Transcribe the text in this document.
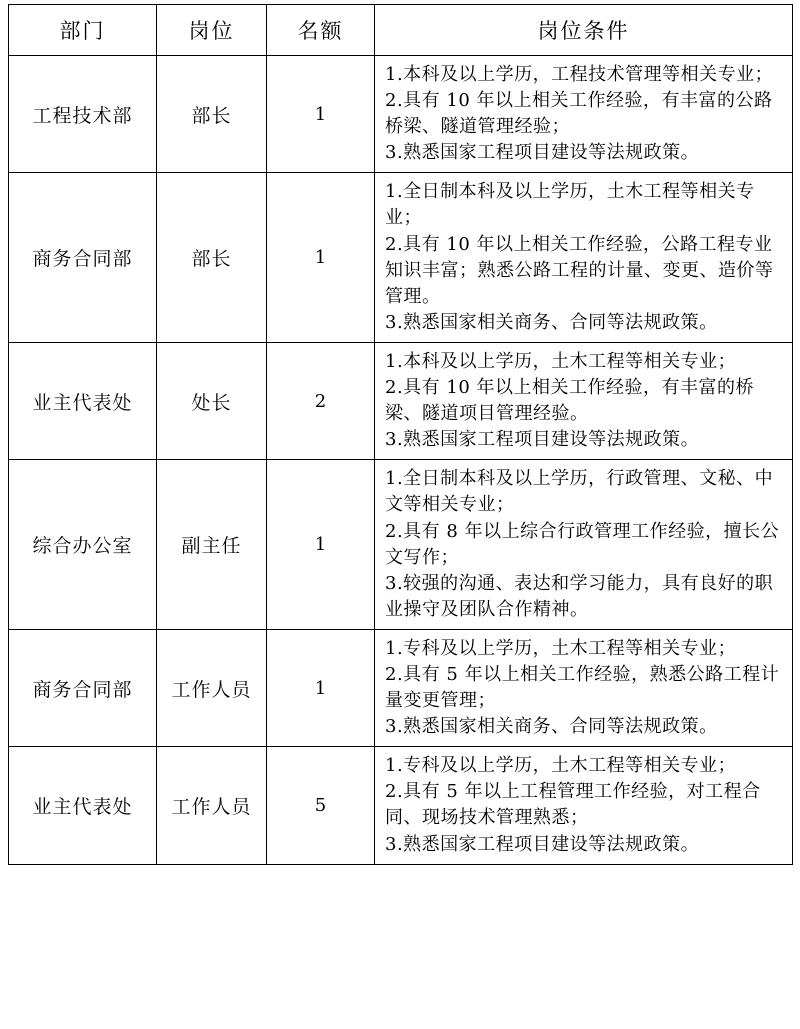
部门	岗位	名额	岗位条件
工程技术部	部长	1	1.本科及以上学历，工程技术管理等相关专业；
2.具有 10 年以上相关工作经验，有丰富的公路桥梁、隧道管理经验；
3.熟悉国家工程项目建设等法规政策。

商务合同部	部长	1	1.全日制本科及以上学历，土木工程等相关专业；
2.具有 10 年以上相关工作经验，公路工程专业知识丰富；熟悉公路工程的计量、变更、造价等管理。
3.熟悉国家相关商务、合同等法规政策。

业主代表处	处长	2	1.本科及以上学历，土木工程等相关专业；
2.具有 10 年以上相关工作经验，有丰富的桥梁、隧道项目管理经验。
3.熟悉国家工程项目建设等法规政策。

综合办公室	副主任	1	1.全日制本科及以上学历，行政管理、文秘、中文等相关专业；
2.具有 8 年以上综合行政管理工作经验，擅长公文写作；
3.较强的沟通、表达和学习能力，具有良好的职业操守及团队合作精神。

商务合同部	工作人员	1	1.专科及以上学历，土木工程等相关专业；
2.具有 5 年以上相关工作经验，熟悉公路工程计量变更管理；
3.熟悉国家相关商务、合同等法规政策。

业主代表处	工作人员	5	1.专科及以上学历，土木工程等相关专业；
2.具有 5 年以上工程管理工作经验，对工程合同、现场技术管理熟悉；
3.熟悉国家工程项目建设等法规政策。
